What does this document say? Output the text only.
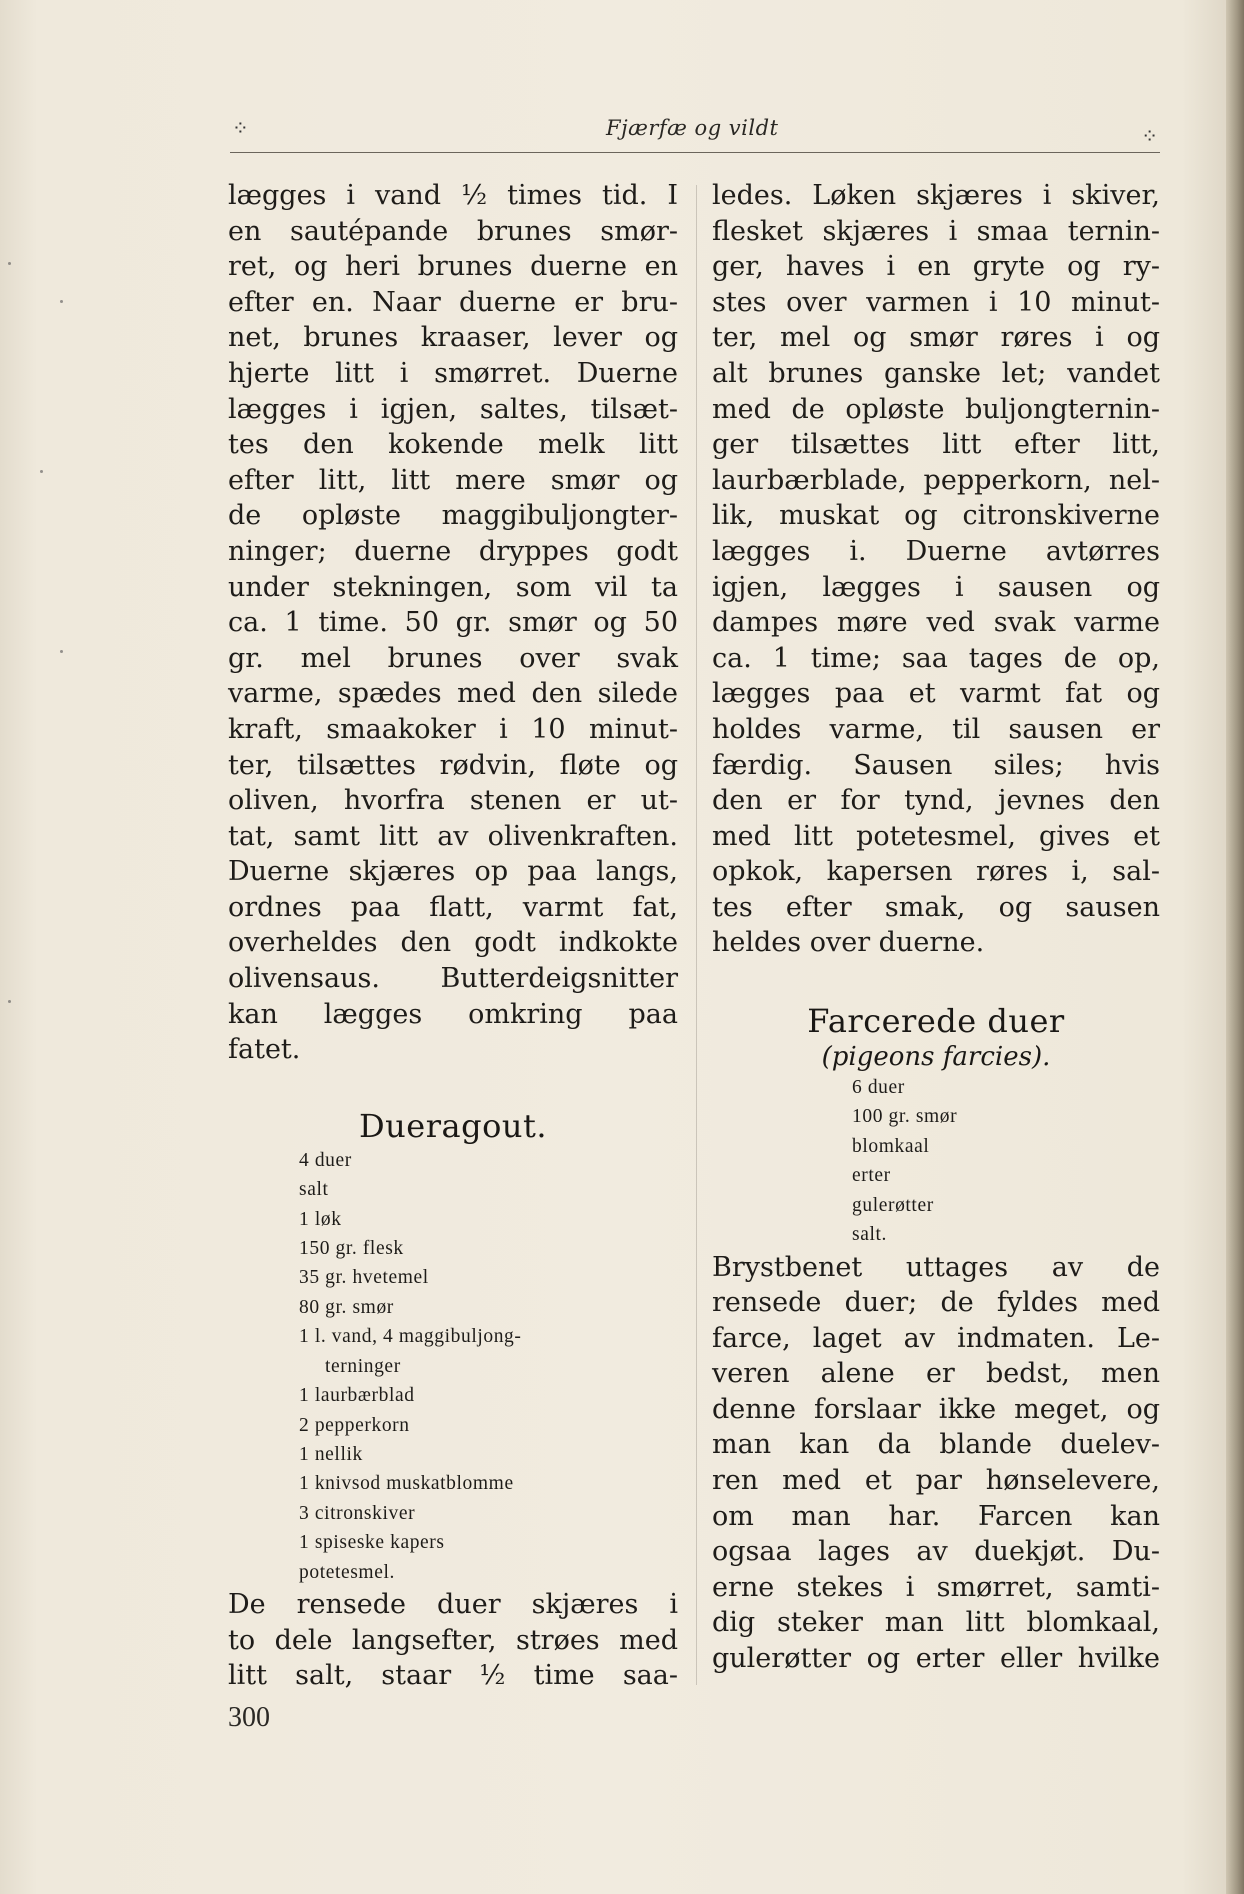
⁘	Fjærfæ og vildt	⁘
lægges i vand ½ times tid. I
en sautépande brunes smør-
ret, og heri brunes duerne en
efter en. Naar duerne er bru-
net, brunes kraaser, lever og
hjerte litt i smørret. Duerne
lægges i igjen, saltes, tilsæt-
tes den kokende melk litt
efter litt, litt mere smør og
de opløste maggibuljongter-
ninger; duerne dryppes godt
under stekningen, som vil ta
ca. 1 time. 50 gr. smør og 50
gr. mel brunes over svak
varme, spædes med den silede
kraft, smaakoker i 10 minut-
ter, tilsættes rødvin, fløte og
oliven, hvorfra stenen er ut-
tat, samt litt av olivenkraften.
Duerne skjæres op paa langs,
ordnes paa flatt, varmt fat,
overheldes den godt indkokte
olivensaus. Butterdeigsnitter
kan lægges omkring paa
fatet.
Dueragout.
4 duer
salt
1 løk
150 gr. flesk
35 gr. hvetemel
80 gr. smør
1 l. vand, 4 maggibuljong-
terninger
1 laurbærblad
2 pepperkorn
1 nellik
1 knivsod muskatblomme
3 citronskiver
1 spiseske kapers
potetesmel.
De rensede duer skjæres i
to dele langsefter, strøes med
litt salt, staar ½ time saa-
ledes. Løken skjæres i skiver,
flesket skjæres i smaa ternin-
ger, haves i en gryte og ry-
stes over varmen i 10 minut-
ter, mel og smør røres i og
alt brunes ganske let; vandet
med de opløste buljongternin-
ger tilsættes litt efter litt,
laurbærblade, pepperkorn, nel-
lik, muskat og citronskiverne
lægges i. Duerne avtørres
igjen, lægges i sausen og
dampes møre ved svak varme
ca. 1 time; saa tages de op,
lægges paa et varmt fat og
holdes varme, til sausen er
færdig. Sausen siles; hvis
den er for tynd, jevnes den
med litt potetesmel, gives et
opkok, kapersen røres i, sal-
tes efter smak, og sausen
heldes over duerne.
Farcerede duer
(pigeons farcies).
6 duer
100 gr. smør
blomkaal
erter
gulerøtter
salt.
Brystbenet uttages av de
rensede duer; de fyldes med
farce, laget av indmaten. Le-
veren alene er bedst, men
denne forslaar ikke meget, og
man kan da blande duelev-
ren med et par hønselevere,
om man har. Farcen kan
ogsaa lages av duekjøt. Du-
erne stekes i smørret, samti-
dig steker man litt blomkaal,
gulerøtter og erter eller hvilke
300
